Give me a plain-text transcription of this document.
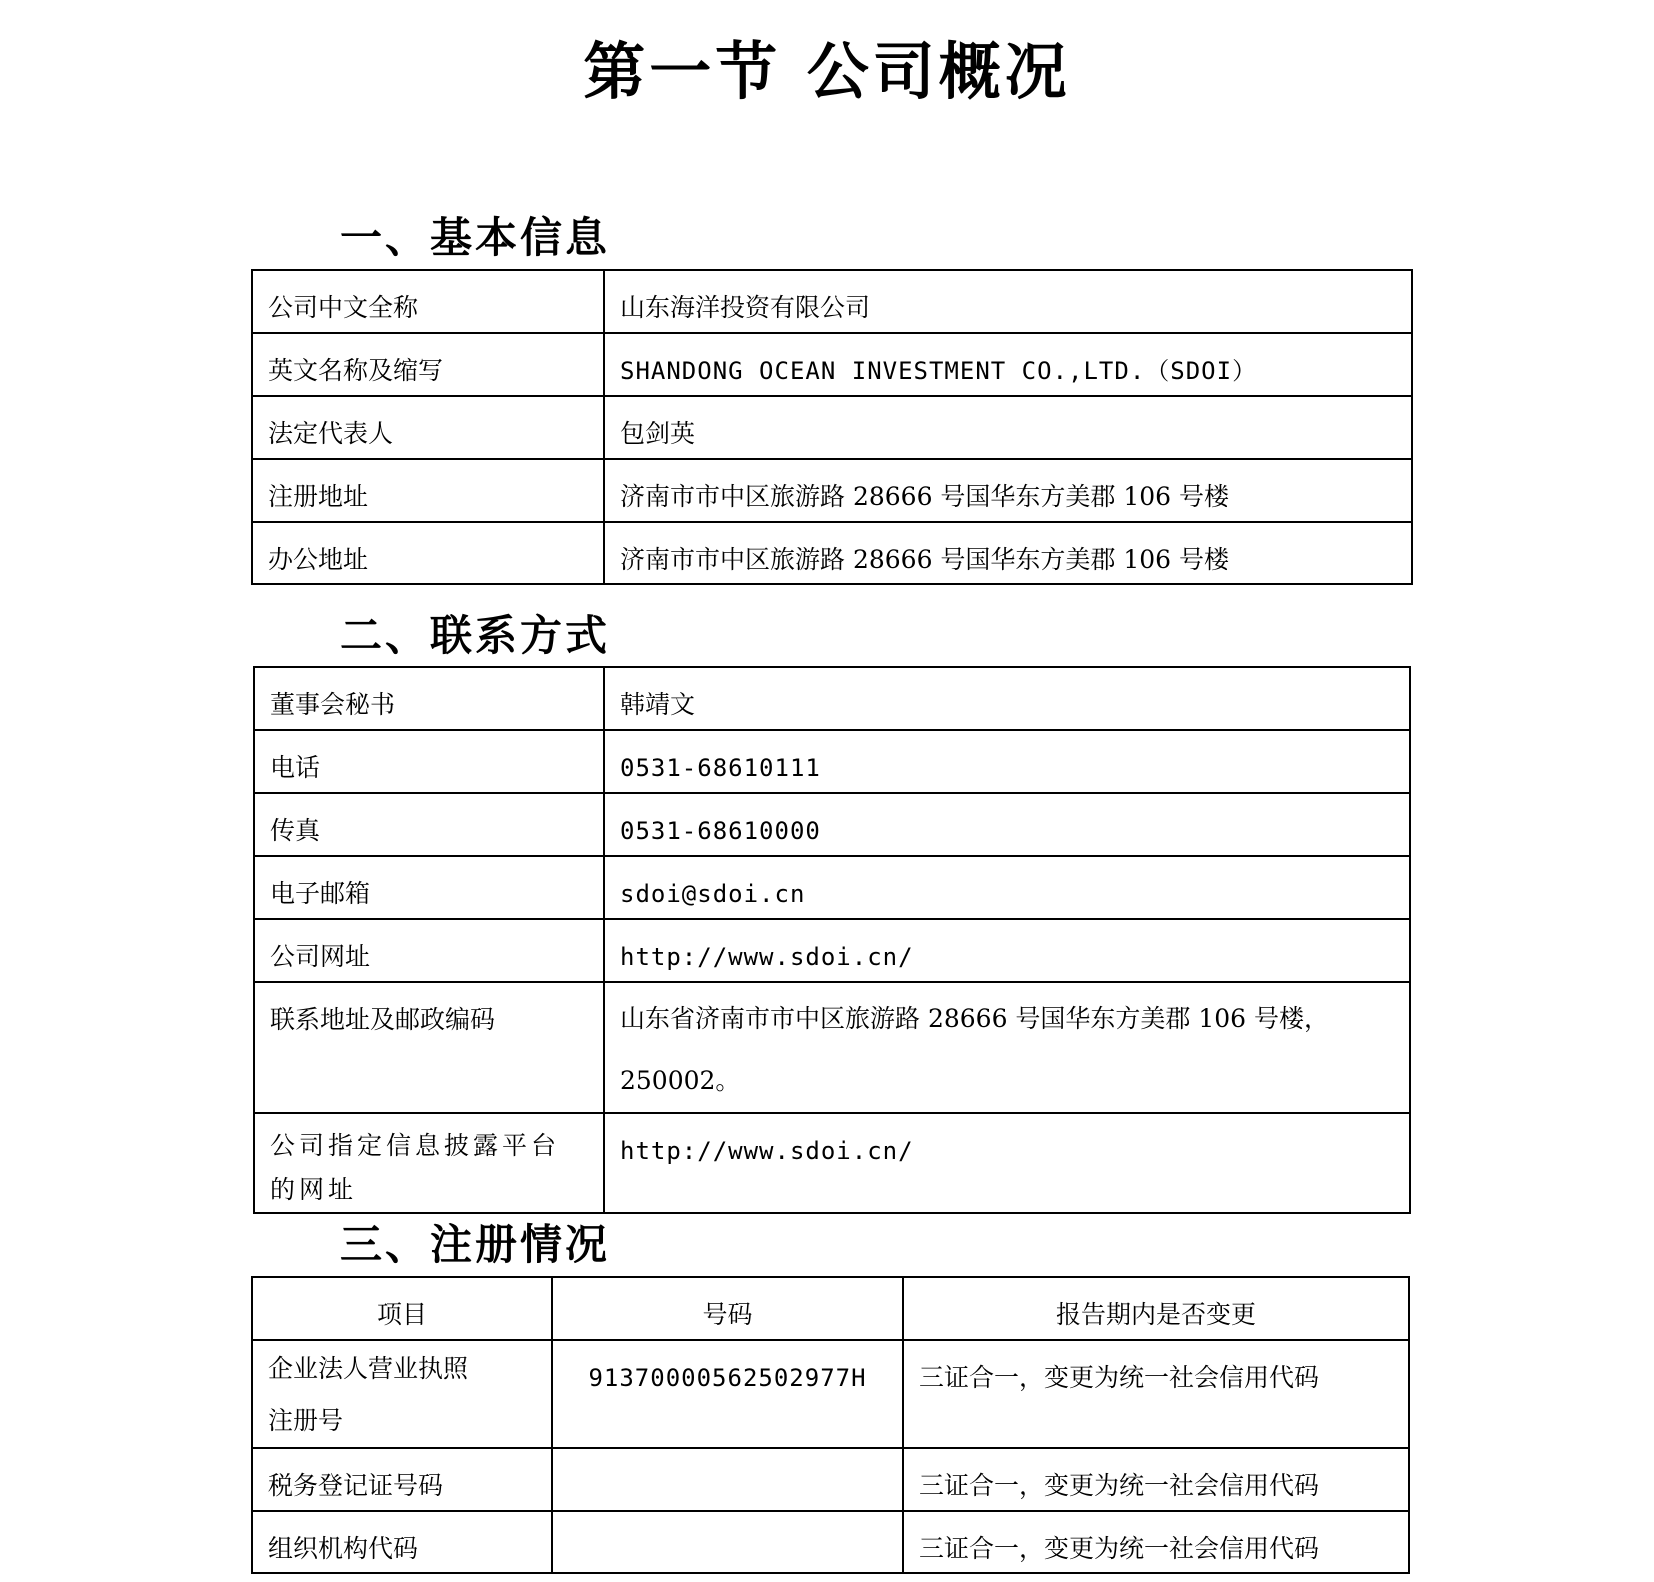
第一节 公司概况
一、基本信息
公司中文全称	山东海洋投资有限公司
英文名称及缩写	SHANDONG OCEAN INVESTMENT CO.,LTD.（SDOI）
法定代表人	包剑英
注册地址	济南市市中区旅游路 28666 号国华东方美郡 106 号楼
办公地址	济南市市中区旅游路 28666 号国华东方美郡 106 号楼
二、联系方式
董事会秘书	韩靖文
电话	0531-68610111
传真	0531-68610000
电子邮箱	sdoi@sdoi.cn
公司网址	http://www.sdoi.cn/
联系地址及邮政编码	山东省济南市市中区旅游路 28666 号国华东方美郡 106 号楼，
250002。

公司指定信息披露平台
的网址	http://www.sdoi.cn/
三、注册情况
项目	号码	报告期内是否变更

企业法人营业执照
注册号	91370000562502977H	三证合一，变更为统一社会信用代码
税务登记证号码		三证合一，变更为统一社会信用代码
组织机构代码		三证合一，变更为统一社会信用代码
